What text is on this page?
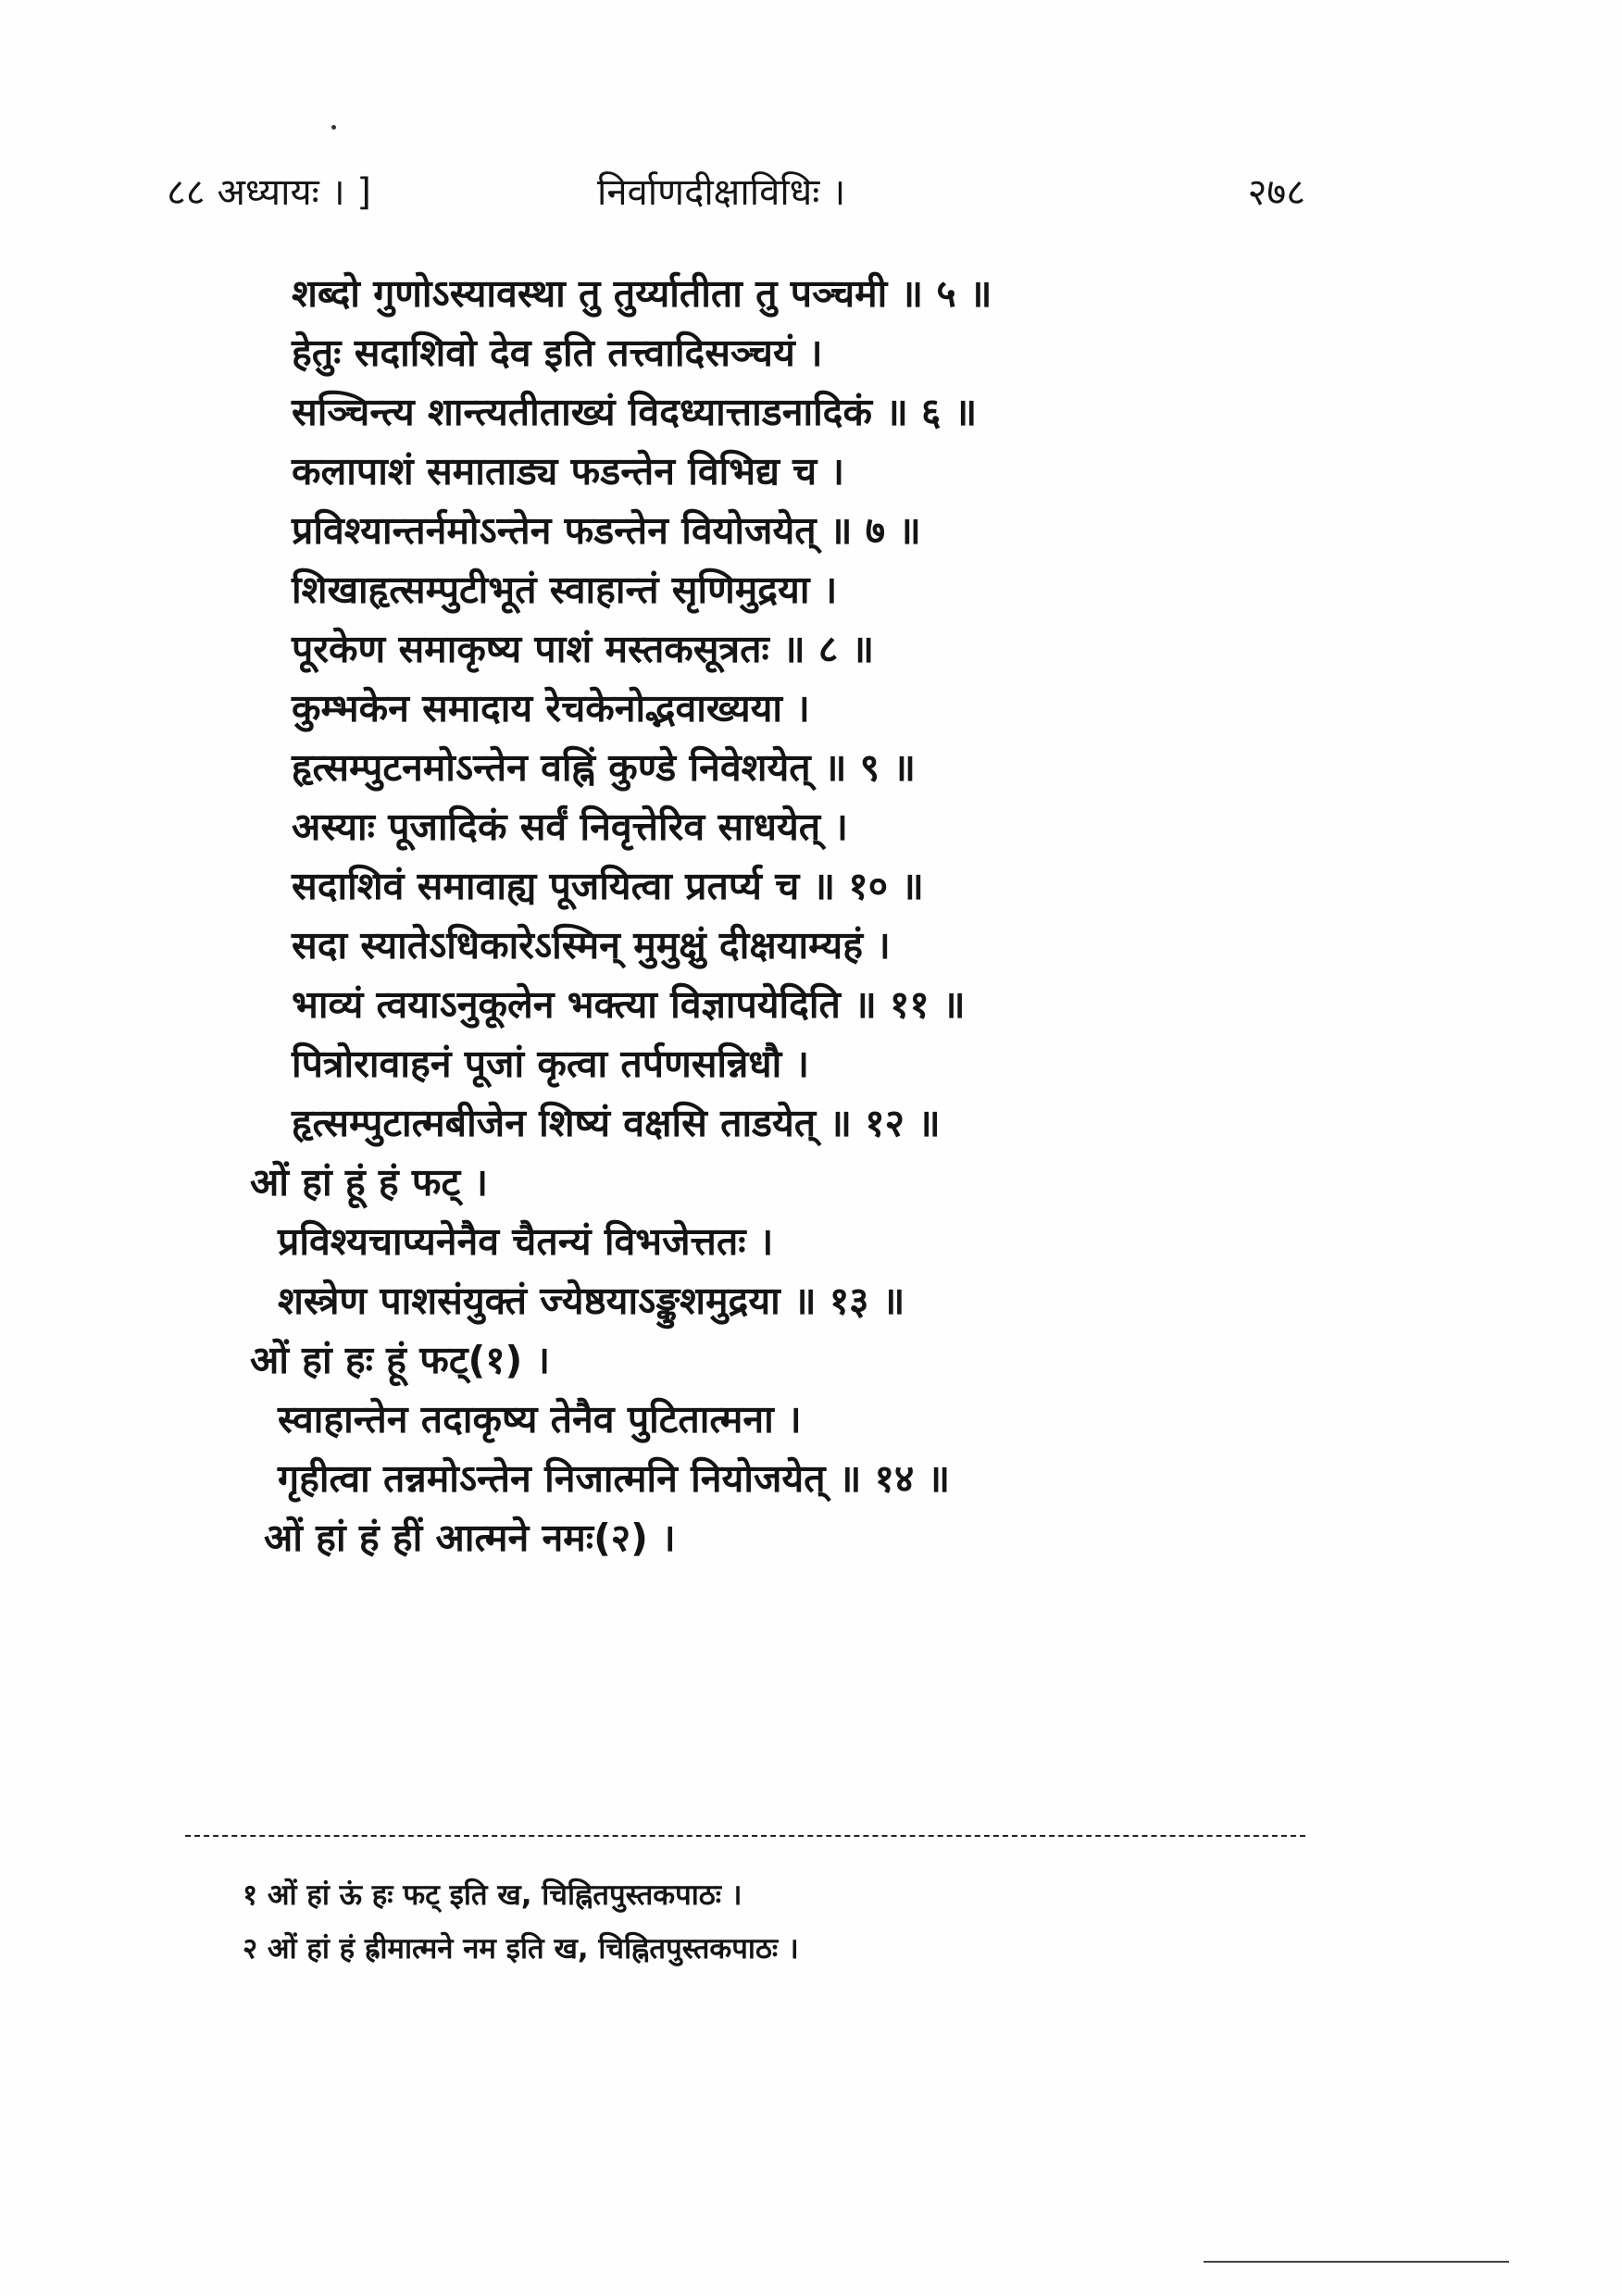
८८ अध्यायः । ]	निर्वाणदीक्षाविधिः ।	२७८
शब्दो गुणोऽस्यावस्था तु तुर्य्यातीता तु पञ्चमी ॥ ५ ॥
हेतुः सदाशिवो देव इति तत्त्वादिसञ्चयं ।
सञ्चिन्त्य शान्त्यतीताख्यं विदध्यात्ताडनादिकं ॥ ६ ॥
कलापाशं समाताड्य फडन्तेन विभिद्य च ।
प्रविश्यान्तर्नमोऽन्तेन फडन्तेन वियोजयेत् ॥ ७ ॥
शिखाहृत्सम्पुटीभूतं स्वाहान्तं सृणिमुद्रया ।
पूरकेण समाकृष्य पाशं मस्तकसूत्रतः ॥ ८ ॥
कुम्भकेन समादाय रेचकेनोद्भवाख्यया ।
हृत्सम्पुटनमोऽन्तेन वह्निं कुण्डे निवेशयेत् ॥ ९ ॥
अस्याः पूजादिकं सर्वं निवृत्तेरिव साधयेत् ।
सदाशिवं समावाह्य पूजयित्वा प्रतर्प्य च ॥ १० ॥
सदा स्यातेऽधिकारेऽस्मिन् मुमुक्षुं दीक्षयाम्यहं ।
भाव्यं त्वयाऽनुकूलेन भक्त्या विज्ञापयेदिति ॥ ११ ॥
पित्रोरावाहनं पूजां कृत्वा तर्पणसन्निधौ ।
हृत्सम्पुटात्मबीजेन शिष्यं वक्षसि ताडयेत् ॥ १२ ॥
ओं हां हूं हं फट् ।
प्रविश्यचाप्यनेनैव चैतन्यं विभजेत्ततः ।
शस्त्रेण पाशसंयुक्तं ज्येष्ठयाऽङ्कुशमुद्रया ॥ १३ ॥
ओं हां हः हूं फट्(१) ।
स्वाहान्तेन तदाकृष्य तेनैव पुटितात्मना ।
गृहीत्वा तन्नमोऽन्तेन निजात्मनि नियोजयेत् ॥ १४ ॥
ओं हां हं हीं आत्मने नमः(२) ।
१ ओं हां ऊं हः फट् इति ख, चिह्नितपुस्तकपाठः ।
२ ओं हां हं ह्रीमात्मने नम इति ख, चिह्नितपुस्तकपाठः ।
